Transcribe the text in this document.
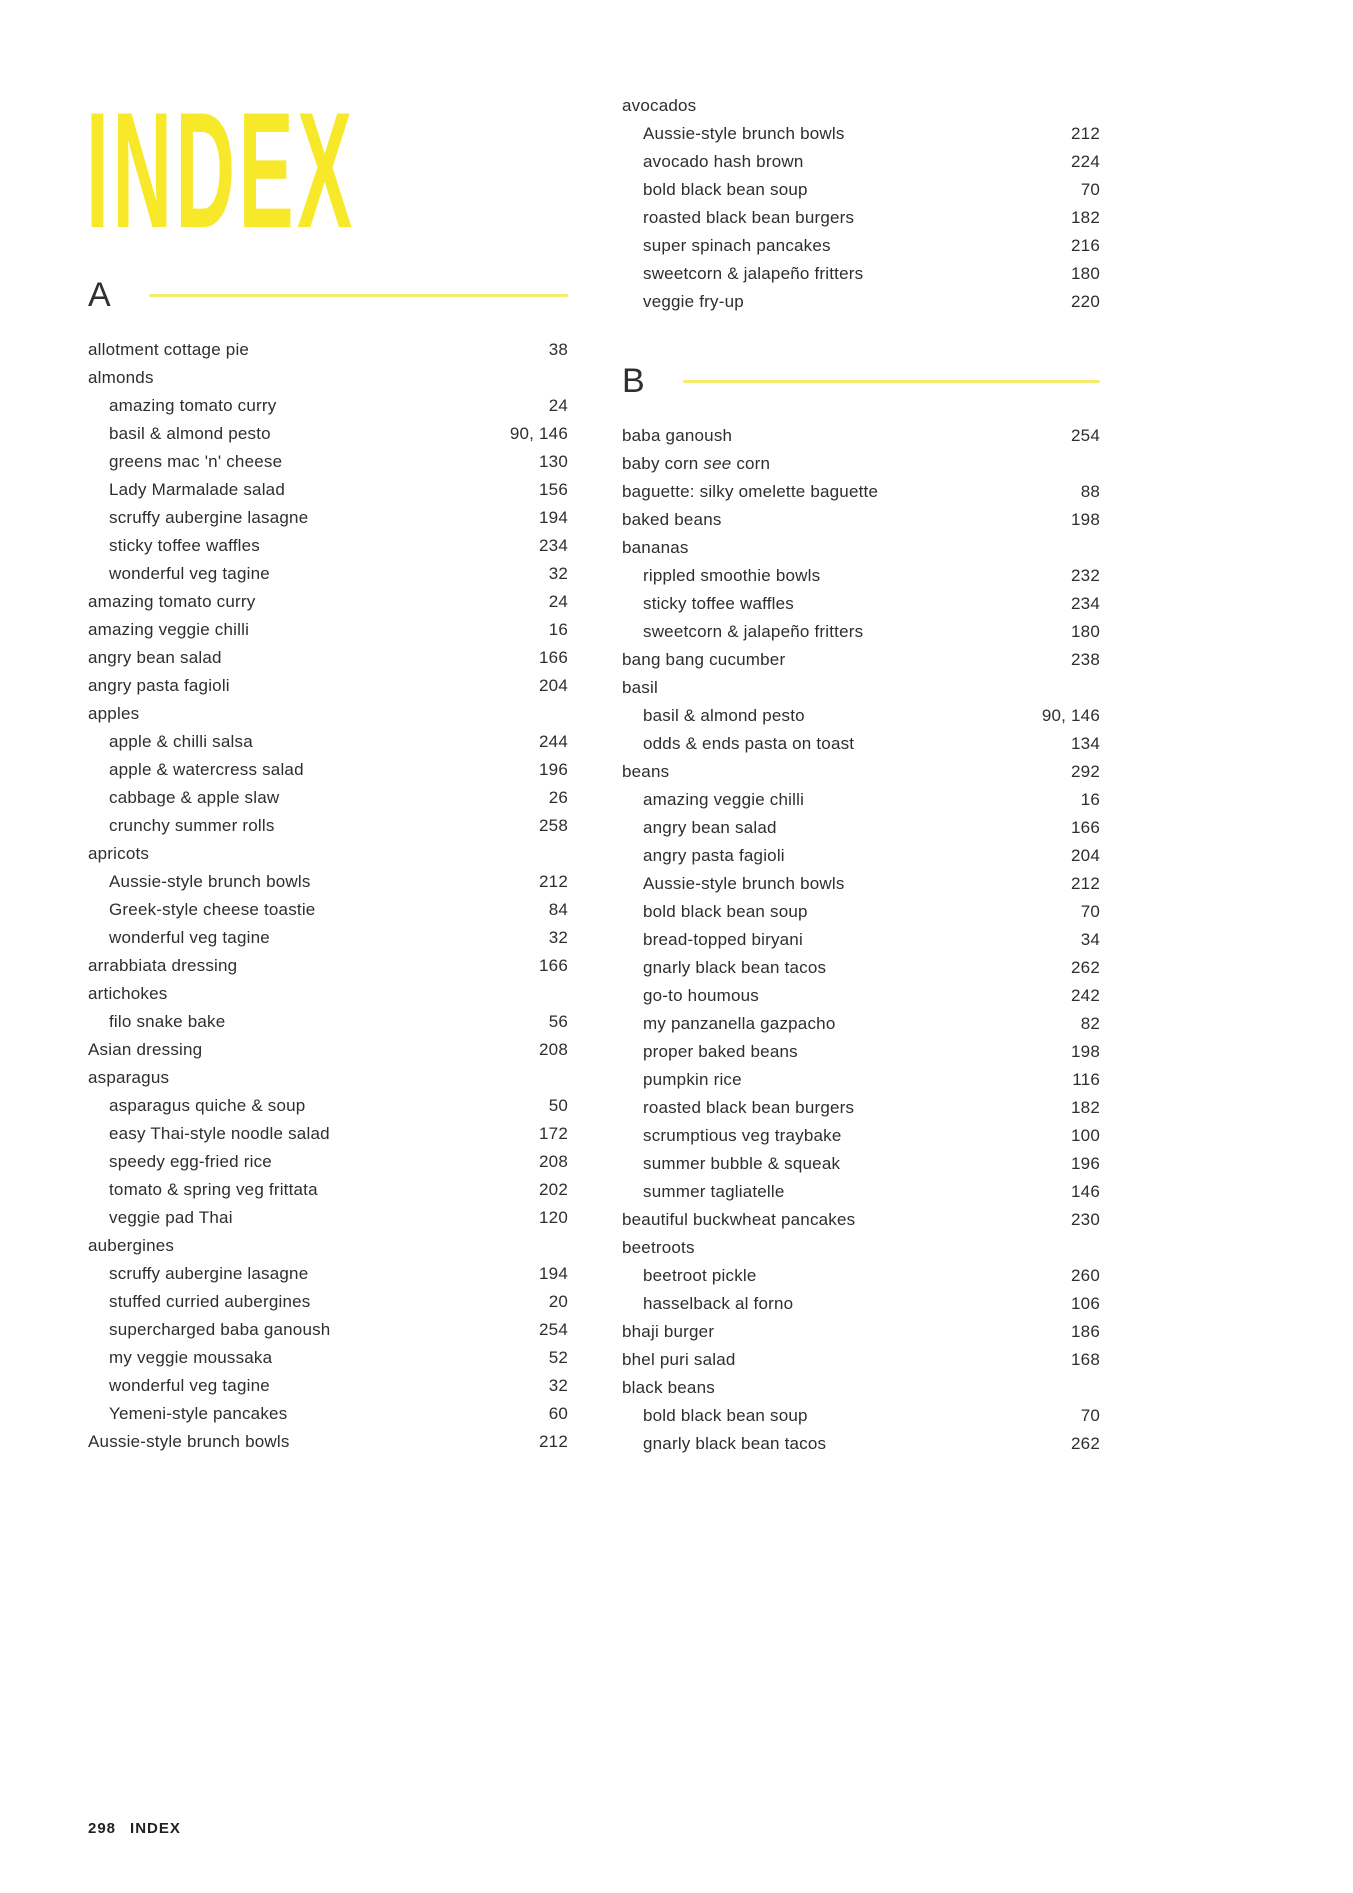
INDEX
A
allotment cottage pie	38
almonds
amazing tomato curry	24
basil & almond pesto	90, 146
greens mac 'n' cheese	130
Lady Marmalade salad	156
scruffy aubergine lasagne	194
sticky toffee waffles	234
wonderful veg tagine	32
amazing tomato curry	24
amazing veggie chilli	16
angry bean salad	166
angry pasta fagioli	204
apples
apple & chilli salsa	244
apple & watercress salad	196
cabbage & apple slaw	26
crunchy summer rolls	258
apricots
Aussie-style brunch bowls	212
Greek-style cheese toastie	84
wonderful veg tagine	32
arrabbiata dressing	166
artichokes
filo snake bake	56
Asian dressing	208
asparagus
asparagus quiche & soup	50
easy Thai-style noodle salad	172
speedy egg-fried rice	208
tomato & spring veg frittata	202
veggie pad Thai	120
aubergines
scruffy aubergine lasagne	194
stuffed curried aubergines	20
supercharged baba ganoush	254
my veggie moussaka	52
wonderful veg tagine	32
Yemeni-style pancakes	60
Aussie-style brunch bowls	212
avocados
Aussie-style brunch bowls	212
avocado hash brown	224
bold black bean soup	70
roasted black bean burgers	182
super spinach pancakes	216
sweetcorn & jalapeño fritters	180
veggie fry-up	220
B
baba ganoush	254
baby corn see corn
baguette: silky omelette baguette	88
baked beans	198
bananas
rippled smoothie bowls	232
sticky toffee waffles	234
sweetcorn & jalapeño fritters	180
bang bang cucumber	238
basil
basil & almond pesto	90, 146
odds & ends pasta on toast	134
beans	292
amazing veggie chilli	16
angry bean salad	166
angry pasta fagioli	204
Aussie-style brunch bowls	212
bold black bean soup	70
bread-topped biryani	34
gnarly black bean tacos	262
go-to houmous	242
my panzanella gazpacho	82
proper baked beans	198
pumpkin rice	116
roasted black bean burgers	182
scrumptious veg traybake	100
summer bubble & squeak	196
summer tagliatelle	146
beautiful buckwheat pancakes	230
beetroots
beetroot pickle	260
hasselback al forno	106
bhaji burger	186
bhel puri salad	168
black beans
bold black bean soup	70
gnarly black bean tacos	262
298 INDEX
